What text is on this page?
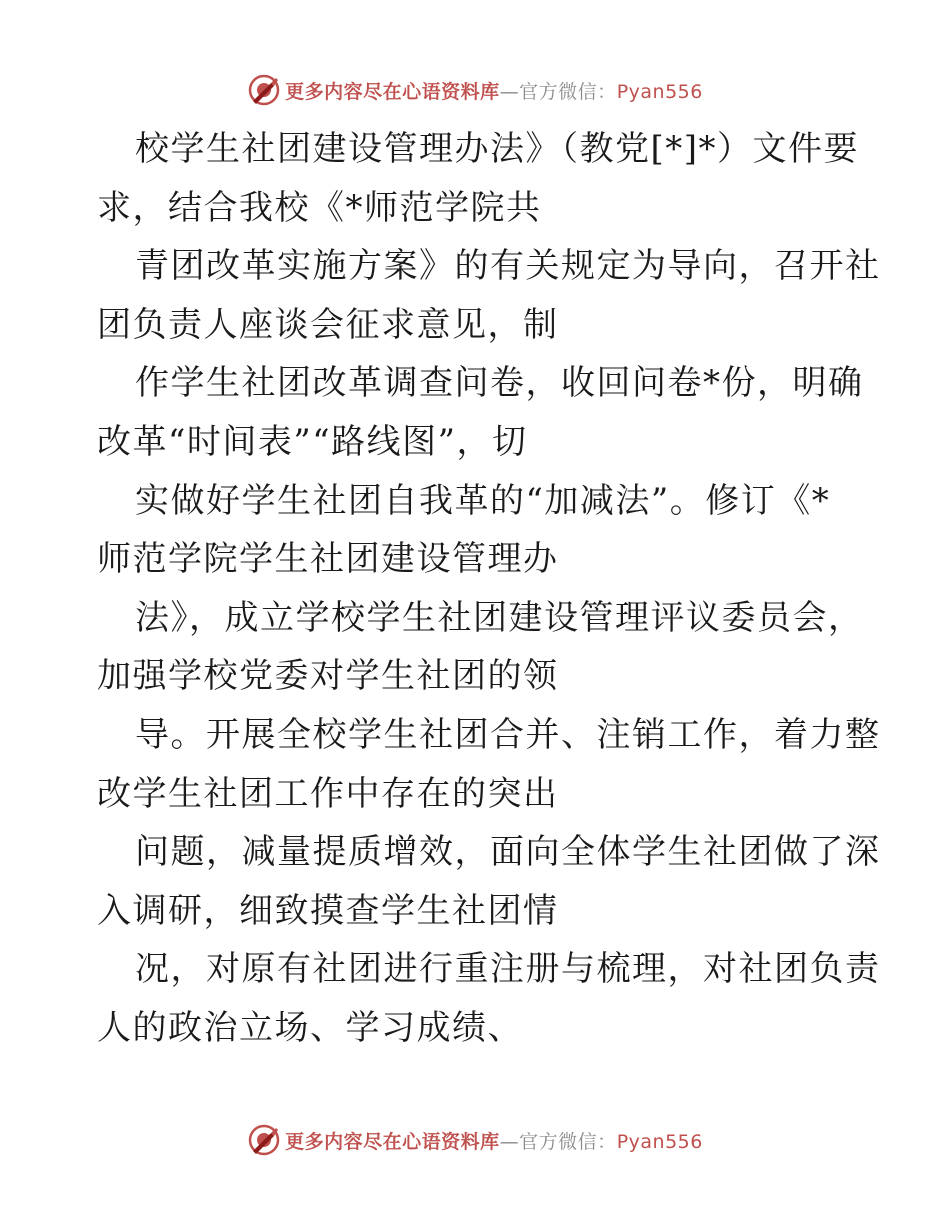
更多内容尽在心语资料库—官方微信：Pyan556
校学生社团建设管理办法》（教党[*]*）文件要
求，结合我校《*师范学院共
青团改革实施方案》的有关规定为导向，召开社
团负责人座谈会征求意见，制
作学生社团改革调查问卷，收回问卷*份，明确
改革“时间表”“路线图”，切
实做好学生社团自我革的“加减法”。修订《*
师范学院学生社团建设管理办
法》，成立学校学生社团建设管理评议委员会，
加强学校党委对学生社团的领
导。开展全校学生社团合并、注销工作，着力整
改学生社团工作中存在的突出
问题，减量提质增效，面向全体学生社团做了深
入调研，细致摸查学生社团情
况，对原有社团进行重注册与梳理，对社团负责
人的政治立场、学习成绩、
更多内容尽在心语资料库—官方微信：Pyan556
